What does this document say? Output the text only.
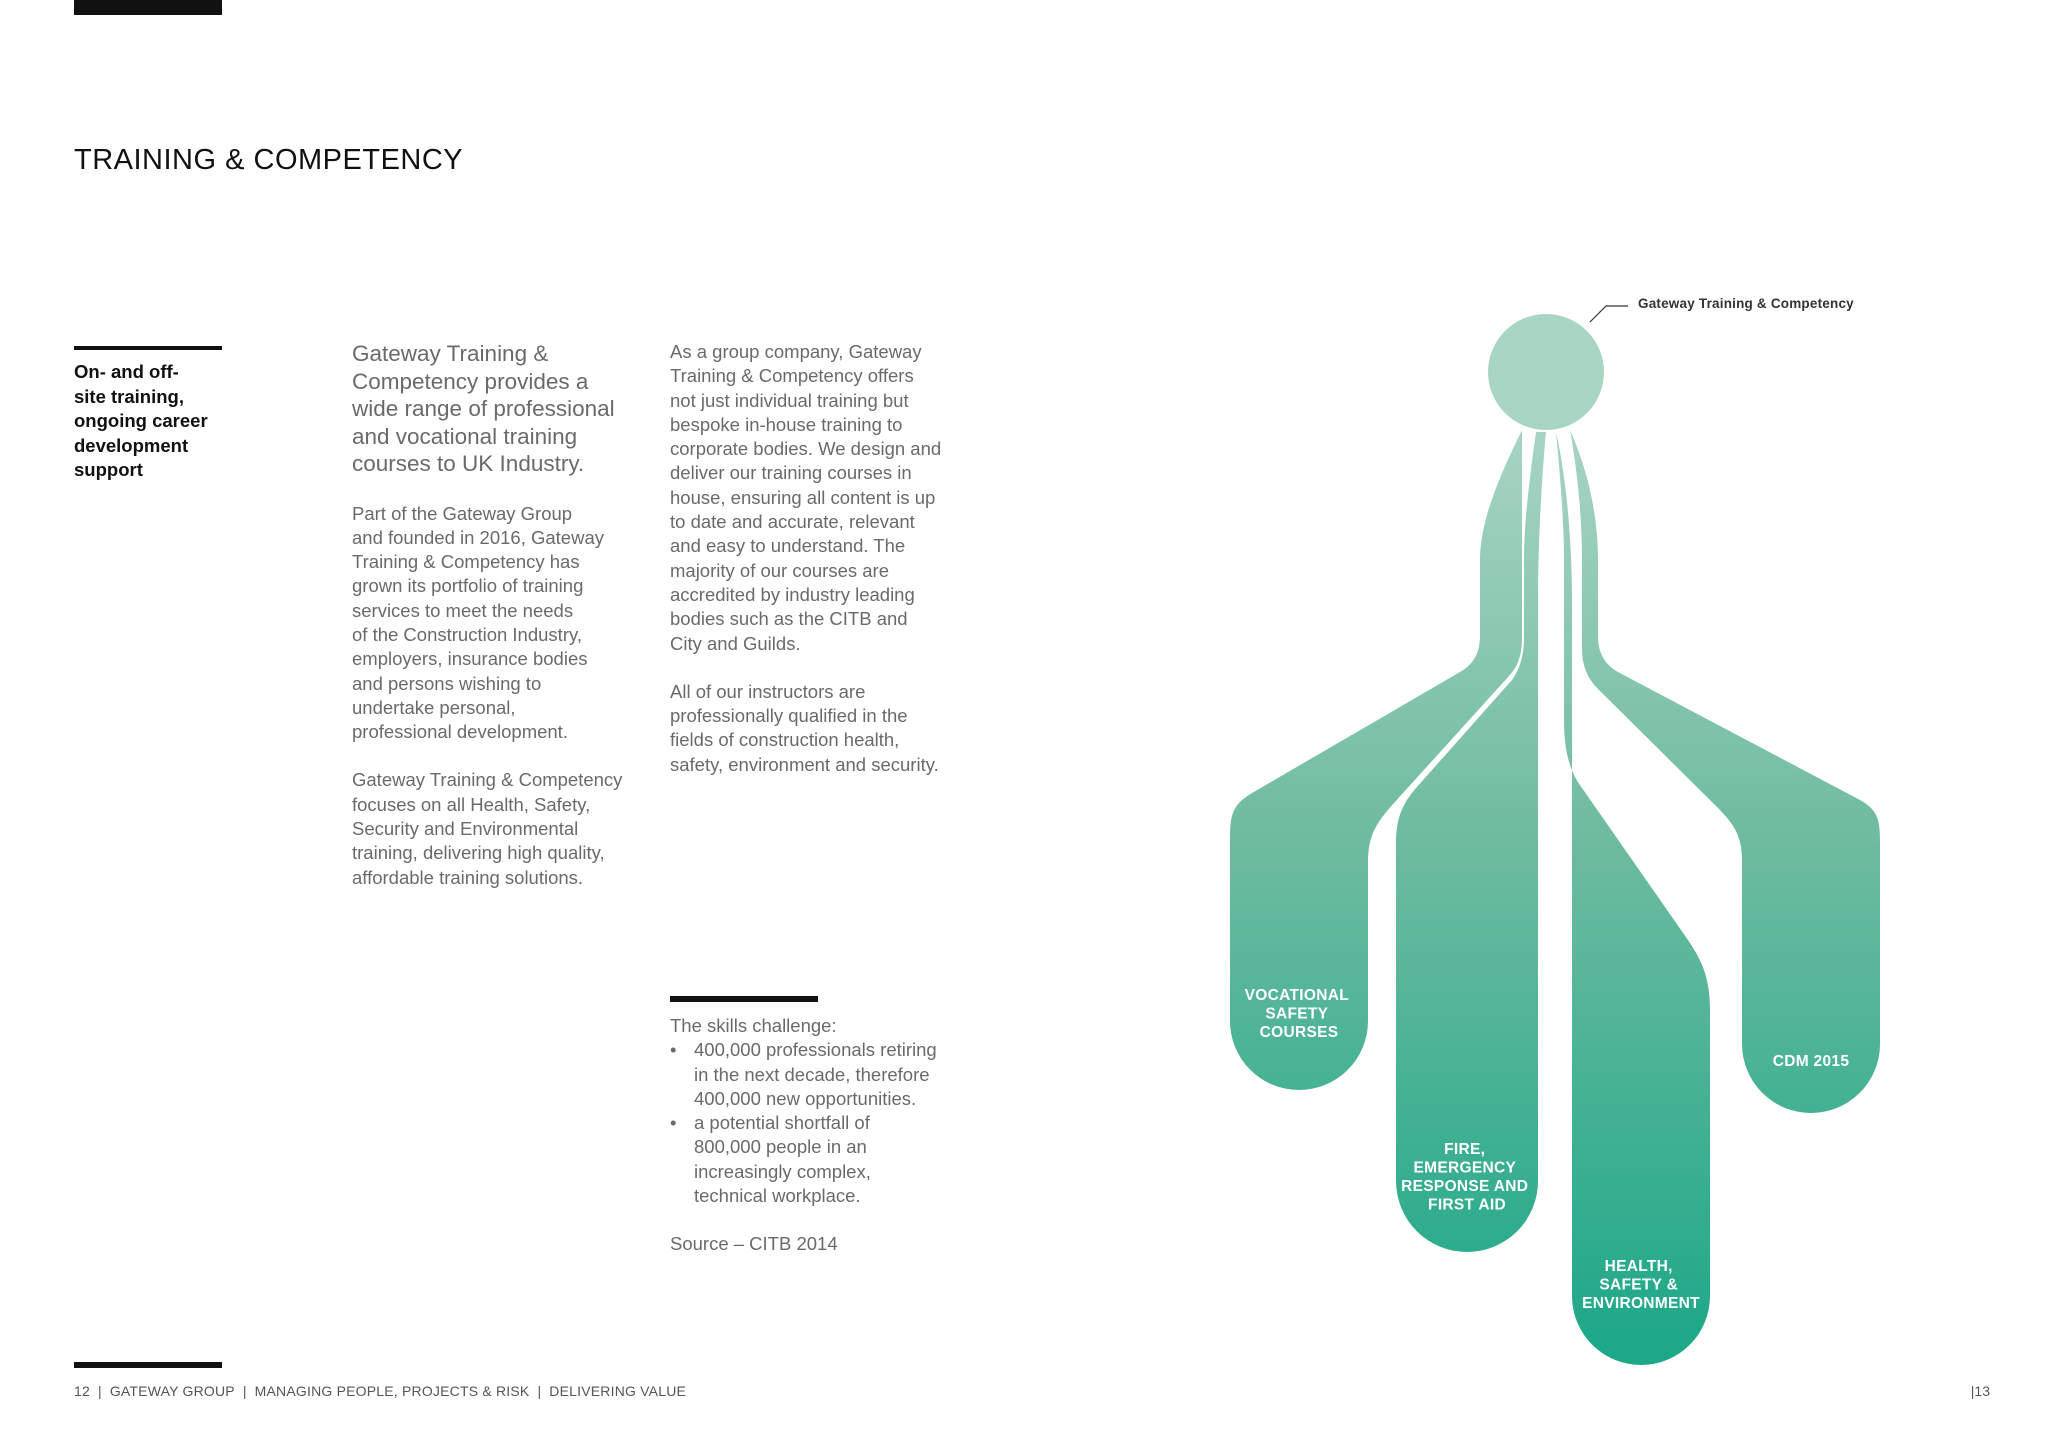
TRAINING & COMPETENCY
On- and off-
site training,
ongoing career
development
support
Gateway Training &
Competency provides a
wide range of professional
and vocational training
courses to UK Industry.
Part of the Gateway Group
and founded in 2016, Gateway
Training & Competency has
grown its portfolio of training
services to meet the needs
of the Construction Industry,
employers, insurance bodies
and persons wishing to
undertake personal,
professional development.
Gateway Training & Competency
focuses on all Health, Safety,
Security and Environmental
training, delivering high quality,
affordable training solutions.
As a group company, Gateway
Training & Competency offers
not just individual training but
bespoke in-house training to
corporate bodies. We design and
deliver our training courses in
house, ensuring all content is up
to date and accurate, relevant
and easy to understand. The
majority of our courses are
accredited by industry leading
bodies such as the CITB and
City and Guilds.
All of our instructors are
professionally qualified in the
fields of construction health,
safety, environment and security.
The skills challenge:
• 400,000 professionals retiring
in the next decade, therefore
400,000 new opportunities.
• a potential shortfall of
800,000 people in an
increasingly complex,
technical workplace.
Source – CITB 2014
Gateway Training & Competency
VOCATIONAL SAFETY COURSES
FIRE, EMERGENCY RESPONSE AND FIRST AID
HEALTH, SAFETY & ENVIRONMENT
CDM 2015
12 | GATEWAY GROUP | MANAGING PEOPLE, PROJECTS & RISK | DELIVERING VALUE	|13
